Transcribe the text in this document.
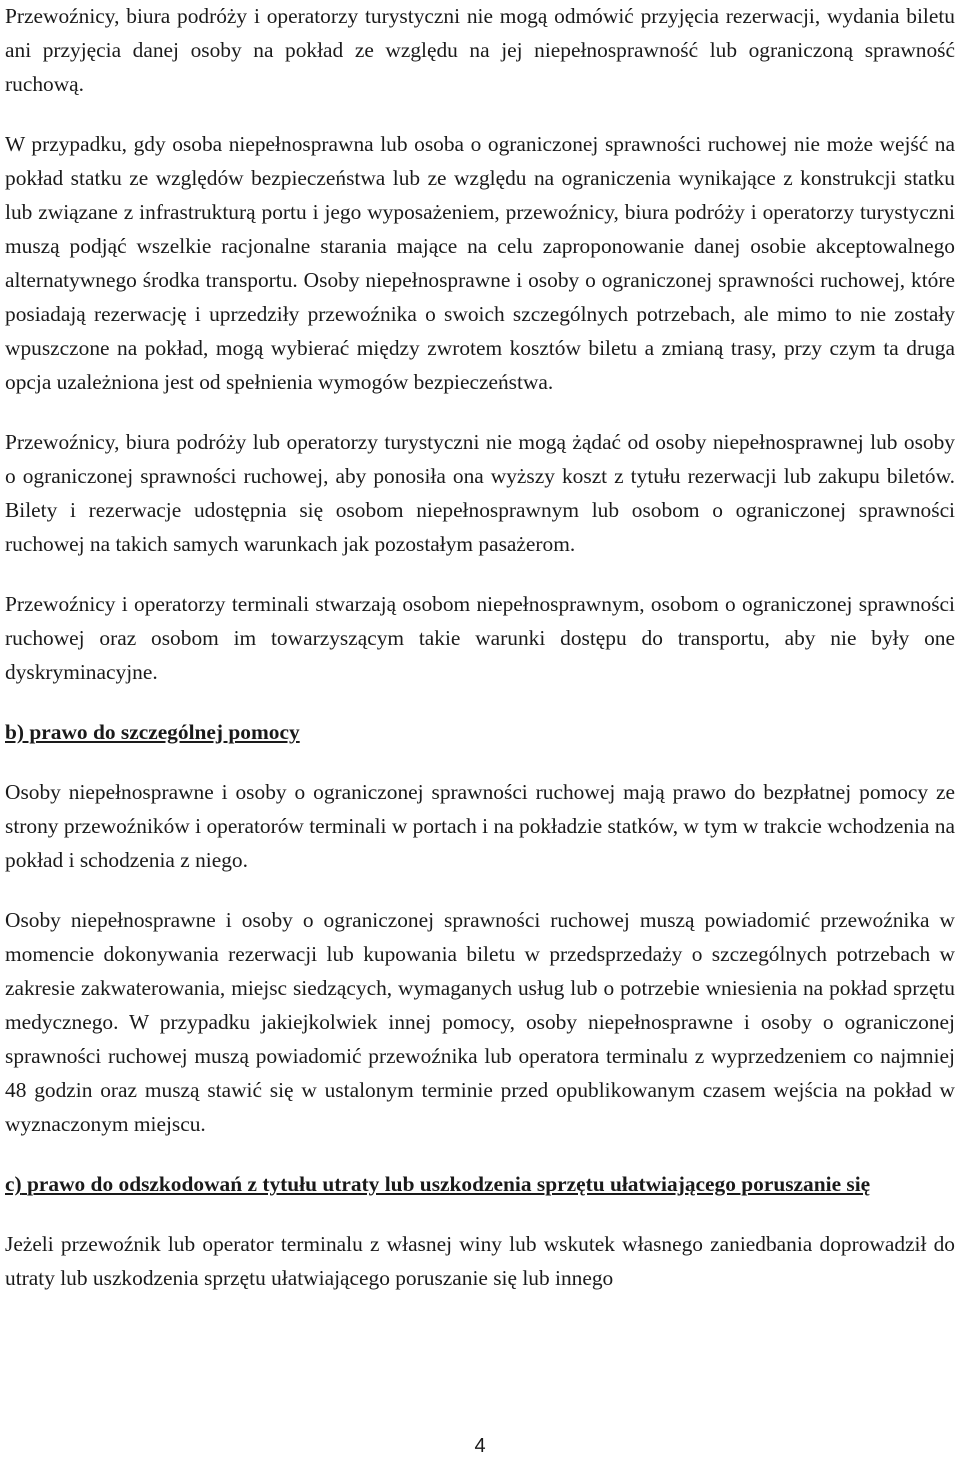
Przewoźnicy, biura podróży i operatorzy turystyczni nie mogą odmówić przyjęcia rezerwacji, wydania biletu ani przyjęcia danej osoby na pokład ze względu na jej niepełnosprawność lub ograniczoną sprawność ruchową.

W przypadku, gdy osoba niepełnosprawna lub osoba o ograniczonej sprawności ruchowej nie może wejść na pokład statku ze względów bezpieczeństwa lub ze względu na ograniczenia wynikające z konstrukcji statku lub związane z infrastrukturą portu i jego wyposażeniem, przewoźnicy, biura podróży i operatorzy turystyczni muszą podjąć wszelkie racjonalne starania mające na celu zaproponowanie danej osobie akceptowalnego alternatywnego środka transportu. Osoby niepełnosprawne i osoby o ograniczonej sprawności ruchowej, które posiadają rezerwację i uprzedziły przewoźnika o swoich szczególnych potrzebach, ale mimo to nie zostały wpuszczone na pokład, mogą wybierać między zwrotem kosztów biletu a zmianą trasy, przy czym ta druga opcja uzależniona jest od spełnienia wymogów bezpieczeństwa.

Przewoźnicy, biura podróży lub operatorzy turystyczni nie mogą żądać od osoby niepełnosprawnej lub osoby o ograniczonej sprawności ruchowej, aby ponosiła ona wyższy koszt z tytułu rezerwacji lub zakupu biletów. Bilety i rezerwacje udostępnia się osobom niepełnosprawnym lub osobom o ograniczonej sprawności ruchowej na takich samych warunkach jak pozostałym pasażerom.

Przewoźnicy i operatorzy terminali stwarzają osobom niepełnosprawnym, osobom o ograniczonej sprawności ruchowej oraz osobom im towarzyszącym takie warunki dostępu do transportu, aby nie były one dyskryminacyjne.

b) prawo do szczególnej pomocy

Osoby niepełnosprawne i osoby o ograniczonej sprawności ruchowej mają prawo do bezpłatnej pomocy ze strony przewoźników i operatorów terminali w portach i na pokładzie statków, w tym w trakcie wchodzenia na pokład i schodzenia z niego.

Osoby niepełnosprawne i osoby o ograniczonej sprawności ruchowej muszą powiadomić przewoźnika w momencie dokonywania rezerwacji lub kupowania biletu w przedsprzedaży o szczególnych potrzebach w zakresie zakwaterowania, miejsc siedzących, wymaganych usług lub o potrzebie wniesienia na pokład sprzętu medycznego. W przypadku jakiejkolwiek innej pomocy, osoby niepełnosprawne i osoby o ograniczonej sprawności ruchowej muszą powiadomić przewoźnika lub operatora terminalu z wyprzedzeniem co najmniej 48 godzin oraz muszą stawić się w ustalonym terminie przed opublikowanym czasem wejścia na pokład w wyznaczonym miejscu.

c) prawo do odszkodowań z tytułu utraty lub uszkodzenia sprzętu ułatwiającego poruszanie się

Jeżeli przewoźnik lub operator terminalu z własnej winy lub wskutek własnego zaniedbania doprowadził do utraty lub uszkodzenia sprzętu ułatwiającego poruszanie się lub innego

4
